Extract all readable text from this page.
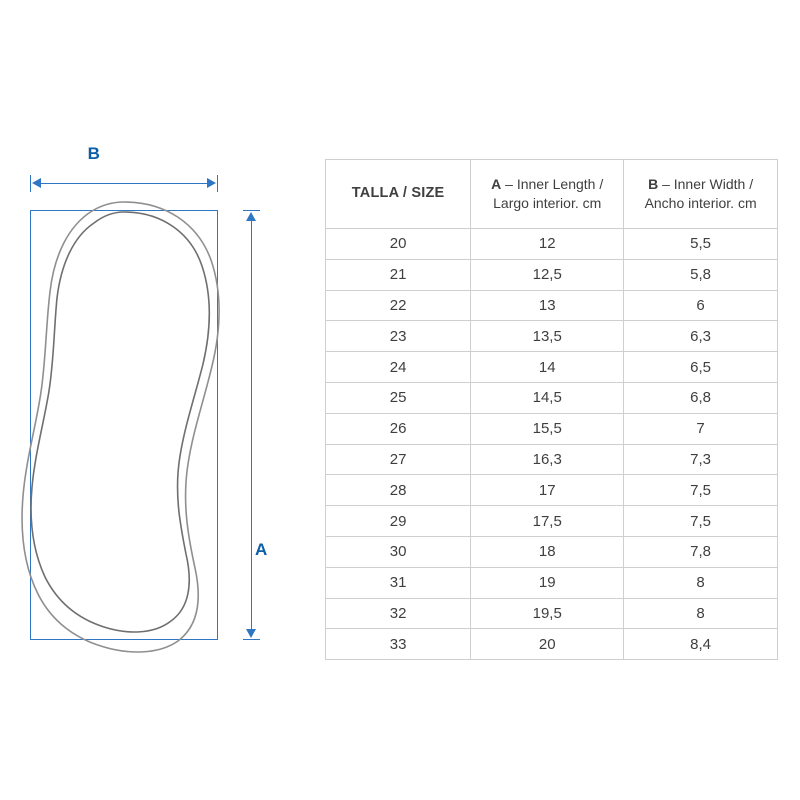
B
A
TALLA / SIZE	A – Inner Length / Largo interior. cm	B – Inner Width / Ancho interior. cm
20	12	5,5
21	12,5	5,8
22	13	6
23	13,5	6,3
24	14	6,5
25	14,5	6,8
26	15,5	7
27	16,3	7,3
28	17	7,5
29	17,5	7,5
30	18	7,8
31	19	8
32	19,5	8
33	20	8,4
